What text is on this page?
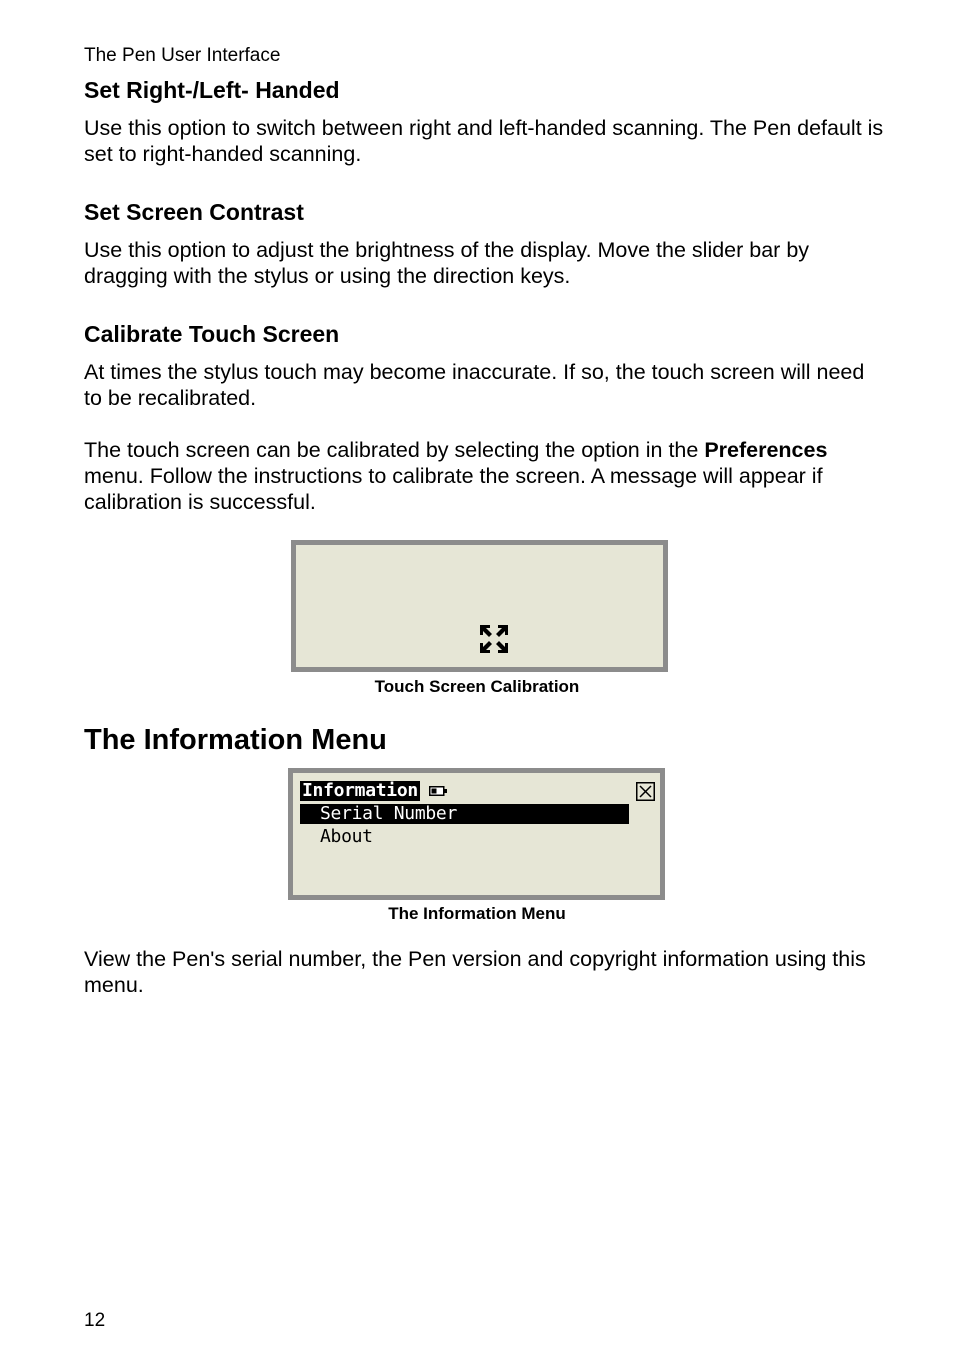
The Pen User Interface
Set Right-/Left- Handed

Use this option to switch between right and left-handed scanning. The Pen default is set to right-handed scanning.

Set Screen Contrast

Use this option to adjust the brightness of the display. Move the slider bar by dragging with the stylus or using the direction keys.

Calibrate Touch Screen

At times the stylus touch may become inaccurate. If so, the touch screen will need to be recalibrated.

The touch screen can be calibrated by selecting the option in the Preferences menu. Follow the instructions to calibrate the screen. A message will appear if calibration is successful.

Touch Screen Calibration
The Information Menu
Information
Serial Number
About
The Information Menu

View the Pen's serial number, the Pen version and copyright information using this menu.

12
